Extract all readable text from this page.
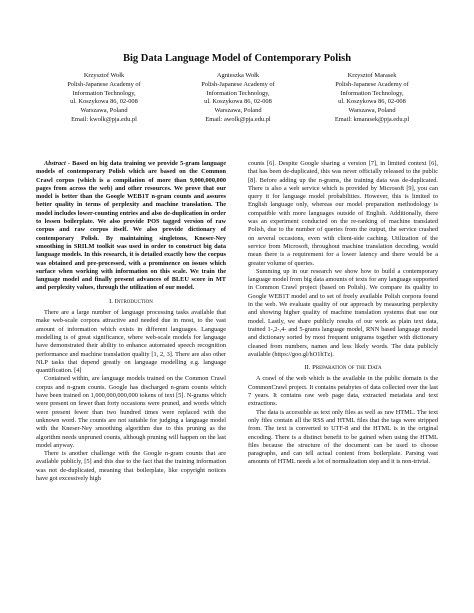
Big Data Language Model of Contemporary Polish
Krzysztof Wołk
Polish-Japanese Academy of
Information Technology,
ul. Koszykowa 86, 02-008
Warszawa, Poland
Email: kwolk@pja.edu.pl
Agnieszka Wołk
Polish-Japanese Academy of
Information Technology,
ul. Koszykowa 86, 02-008
Warszawa, Poland
Email: awolk@pja.edu.pl
Krzysztof Marasek
Polish-Japanese Academy of
Information Technology,
ul. Koszykowa 86, 02-008
Warszawa, Poland
Email: kmarasek@pja.edu.pl

Abstract - Based on big data training we provide 5-gram language models of contemporary Polish which are based on the Common Crawl corpus (which is a compilation of more than 9,000,000,000 pages from across the web) and other resources. We prove that our model is better than the Google WEB1T n-gram counts and assures better quality in terms of perplexity and machine translation. The model includes lower-counting entries and also de-duplication in order to lessen boilerplate. We also provide POS tagged version of raw corpus and raw corpus itself. We also provide dictionary of contemporary Polish. By maintaining singletons, Kneser-Ney smoothing in SRILM toolkit was used in order to construct big data language models. In this research, it is detailed exactly how the corpus was obtained and pre-processed, with a prominence on issues which surface when working with information on this scale. We train the language model and finally present advances of BLEU score in MT and perplexity values, through the utilization of our model.

I. Introduction

There are a large number of language processing tasks available that make web-scale corpora attractive and needed due in most, to the vast amount of information which exists in different languages. Language modelling is of great significance, where web-scale models for language have demonstrated their ability to enhance automated speech recognition performance and machine translation quality [1, 2, 3]. There are also other NLP tasks that depend greatly on language modelling e.g. language quantification. [4]

Contained within, are language models trained on the Common Crawl corpus and n-gram counts. Google has discharged n-gram counts which have been trained on 1,000,000,000,000 tokens of text [5]. N-grams which were present on fewer than forty occasions were pruned, and words which were present fewer than two hundred times were replaced with the unknown word. The counts are not suitable for judging a language model with the Kneser-Ney smoothing algorithm due to this pruning as the algorithm needs unpruned counts, although pruning will happen on the last model anyway.

There is another challenge with the Google n-gram counts that are available publicly, [5] and this due to the fact that the training information was not de-duplicated, meaning that boilerplate, like copyright notices have got excessively high

counts [6]. Despite Google sharing a version [7], in limited context [6], that has been de-duplicated, this was never officially released to the public [8]. Before adding up the n-grams, the training data was de-duplicated. There is also a web service which is provided by Microsoft [9], you can query it for language model probabilities. However, this is limited to English language only, whereas our model preparation methodology is compatible with more languages outside of English. Additionally, there was an experiment conducted on the re-ranking of machine translated Polish, due to the number of queries from the output, the service crashed on several occasions, even with client-side caching. Utilization of the service from Microsoft, throughout machine translation decoding, would mean there is a requirement for a lower latency and there would be a greater volume of queries.

Summing up in our research we show how to build a contemporary language model from big data amounts of texts for any language supported in Common Crawl project (based on Polish). We compare its quality to Google WEB1T model and to set of freely available Polish corpora found in the web. We evaluate quality of our approach by measuring perplexity and showing higher quality of machine translation systems that use our model. Lastly, we share publicly results of our work as plain text data, trained 1-,2-,4- and 5-grams language model, RNN based language model and dictionary sorted by most frequent unigrams together with dictionary cleaned from numbers, names and less likely words. The data publicly available (https://goo.gl/hO1hTz).

II. Preparation of the Data

A crawl of the web which is the available in the public domain is the CommonCrawl project. It contains petabytes of data collected over the last 7 years. It contains raw web page data, extracted metadata and text extractions.

The data is accessible as text only files as well as raw HTML. The text only files contain all the RSS and HTML files that the tags were stripped from. The text is converted to UTF-8 and the HTML is in the original encoding. There is a distinct benefit to be gained when using the HTML files because the structure of the document can be used to choose paragraphs, and can tell actual content from boilerplate. Parsing vast amounts of HTML needs a lot of normalization step and it is non-trivial.
